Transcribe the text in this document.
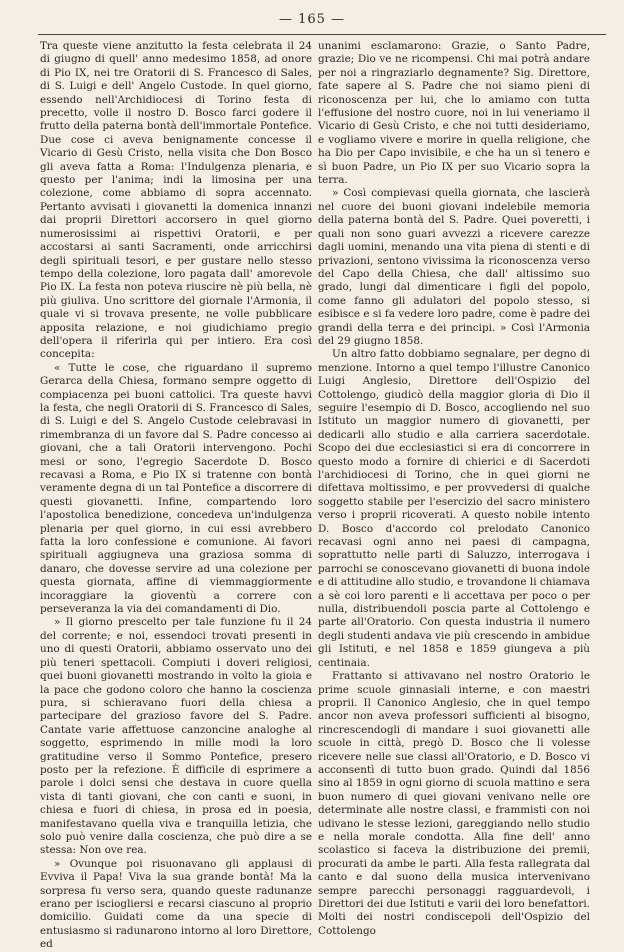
— 165 —

Tra queste viene anzitutto la festa celebrata il 24 di giugno di quell' anno medesimo 1858, ad onore di Pio IX, nei tre Oratorii di S. Francesco di Sales, di S. Luigi e dell' Angelo Custode. In quel giorno, essendo nell'Archidiocesi di Torino festa di precetto, volle il nostro D. Bosco farci godere il frutto della paterna bontà dell'immortale Pontefice. Due cose ci aveva benignamente concesse il Vicario di Gesù Cristo, nella visita che Don Bosco gli aveva fatta a Roma: l'Indulgenza plenaria, e questo per l'anima; indi la limosina per una colezione, come abbiamo di sopra accennato. Pertanto avvisati i giovanetti la domenica innanzi dai proprii Direttori accorsero in quel giorno numerosissimi ai rispettivi Oratorii, e per accostarsi ai santi Sacramenti, onde arricchirsi degli spirituali tesori, e per gustare nello stesso tempo della colezione, loro pagata dall' amorevole Pio IX. La festa non poteva riuscire nè più bella, nè più giuliva. Uno scrittore del giornale l'Armonia, il quale vi si trovava presente, ne volle pubblicare apposita relazione, e noi giudichiamo pregio dell'opera il riferirla qui per intiero. Era così concepita:

« Tutte le cose, che riguardano il supremo Gerarca della Chiesa, formano sempre oggetto di compiacenza pei buoni cattolici. Tra queste havvi la festa, che negli Oratorii di S. Francesco di Sales, di S. Luigi e del S. Angelo Custode celebravasi in rimembranza di un favore dal S. Padre concesso ai giovani, che a tali Oratorii intervengono. Pochi mesi or sono, l'egregio Sacerdote D. Bosco recavasi a Roma, e Pio IX si tratenne con bontà veramente degna di un tal Pontefice a discorrere di questi giovanetti. Infine, compartendo loro l'apostolica benedizione, concedeva un'indulgenza plenaria per quel giorno, in cui essi avrebbero fatta la loro confessione e comunione. Ai favori spirituali aggiugneva una graziosa somma di danaro, che dovesse servire ad una colezione per questa giornata, affine di viemmaggiormente incoraggiare la gioventù a correre con perseveranza la via dei comandamenti di Dio.

» Il giorno prescelto per tale funzione fu il 24 del corrente; e noi, essendoci trovati presenti in uno di questi Oratorii, abbiamo osservato uno dei più teneri spettacoli. Compiuti i doveri religiosi, quei buoni giovanetti mostrando in volto la gioia e la pace che godono coloro che hanno la coscienza pura, si schieravano fuori della chiesa a partecipare del grazioso favore del S. Padre. Cantate varie affettuose canzoncine analoghe al soggetto, esprimendo in mille modi la loro gratitudine verso il Sommo Pontefice, presero posto per la refezione. È difficile di esprimere a parole i dolci sensi che destava in cuore quella vista di tanti giovani, che con canti e suoni, in chiesa e fuori di chiesa, in prosa ed in poesia, manifestavano quella viva e tranquilla letizia, che solo può venire dalla coscienza, che può dire a se stessa: Non ove rea.

» Ovunque poi risuonavano gli applausi di Evviva il Papa! Viva la sua grande bontà! Ma la sorpresa fu verso sera, quando queste radunanze erano per isciogliersi e recarsi ciascuno al proprio domicilio. Guidati come da una specie di entusiasmo si radunarono intorno al loro Direttore, ed

unanimi esclamarono: Grazie, o Santo Padre, grazie; Dio ve ne ricompensi. Chi mai potrà andare per noi a ringraziarlo degnamente? Sig. Direttore, fate sapere al S. Padre che noi siamo pieni di riconoscenza per lui, che lo amiamo con tutta l'effusione del nostro cuore, noi in lui veneriamo il Vicario di Gesù Cristo, e che noi tutti desideriamo, e vogliamo vivere e morire in quella religione, che ha Dio per Capo invisibile, e che ha un sì tenero e sì buon Padre, un Pio IX per suo Vicario sopra la terra.

» Così compievasi quella giornata, che lascierà nel cuore dei buoni giovani indelebile memoria della paterna bontà del S. Padre. Quei poveretti, i quali non sono guari avvezzi a ricevere carezze dagli uomini, menando una vita piena di stenti e di privazioni, sentono vivissima la riconoscenza verso del Capo della Chiesa, che dall' altissimo suo grado, lungi dal dimenticare i figli del popolo, come fanno gli adulatori del popolo stesso, si esibisce e si fa vedere loro padre, come è padre dei grandi della terra e dei principi. » Così l'Armonia del 29 giugno 1858.

Un altro fatto dobbiamo segnalare, per degno di menzione. Intorno a quel tempo l'illustre Canonico Luigi Anglesio, Direttore dell'Ospizio del Cottolengo, giudicò della maggior gloria di Dio il seguire l'esempio di D. Bosco, accogliendo nel suo Istituto un maggior numero di giovanetti, per dedicarli allo studio e alla carriera sacerdotale. Scopo dei due ecclesiastici si era di concorrere in questo modo a fornire di chierici e di Sacerdoti l'archidiocesi di Torino, che in quei giorni ne difettava moltissimo, e per provvedersi di qualche soggetto stabile per l'esercizio del sacro ministero verso i proprii ricoverati. A questo nobile intento D. Bosco d'accordo col prelodato Canonico recavasi ogni anno nei paesi di campagna, soprattutto nelle parti di Saluzzo, interrogava i parrochi se conoscevano giovanetti di buona indole e di attitudine allo studio, e trovandone li chiamava a sè coi loro parenti e li accettava per poco o per nulla, distribuendoli poscia parte al Cottolengo e parte all'Oratorio. Con questa industria il numero degli studenti andava vie più crescendo in ambidue gli Istituti, e nel 1858 e 1859 giungeva a più centinaia.

Frattanto si attivavano nel nostro Oratorio le prime scuole ginnasiali interne, e con maestri proprii. Il Canonico Anglesio, che in quel tempo ancor non aveva professori sufficienti al bisogno, rincrescendogli di mandare i suoi giovanetti alle scuole in città, pregò D. Bosco che li volesse ricevere nelle sue classi all'Oratorio, e D. Bosco vi acconsentì di tutto buon grado. Quindi dal 1856 sino al 1859 in ogni giorno di scuola mattino e sera buon numero di quei giovani venivano nelle ore determinate alle nostre classi, e frammisti con noi udivano le stesse lezioni, gareggiando nello studio e nella morale condotta. Alla fine dell' anno scolastico si faceva la distribuzione dei premii, procurati da ambe le parti. Alla festa rallegrata dal canto e dal suono della musica intervenivano sempre parecchi personaggi ragguardevoli, i Direttori dei due Istituti e varii dei loro benefattori. Molti dei nostri condiscepoli dell'Ospizio del Cottolengo
